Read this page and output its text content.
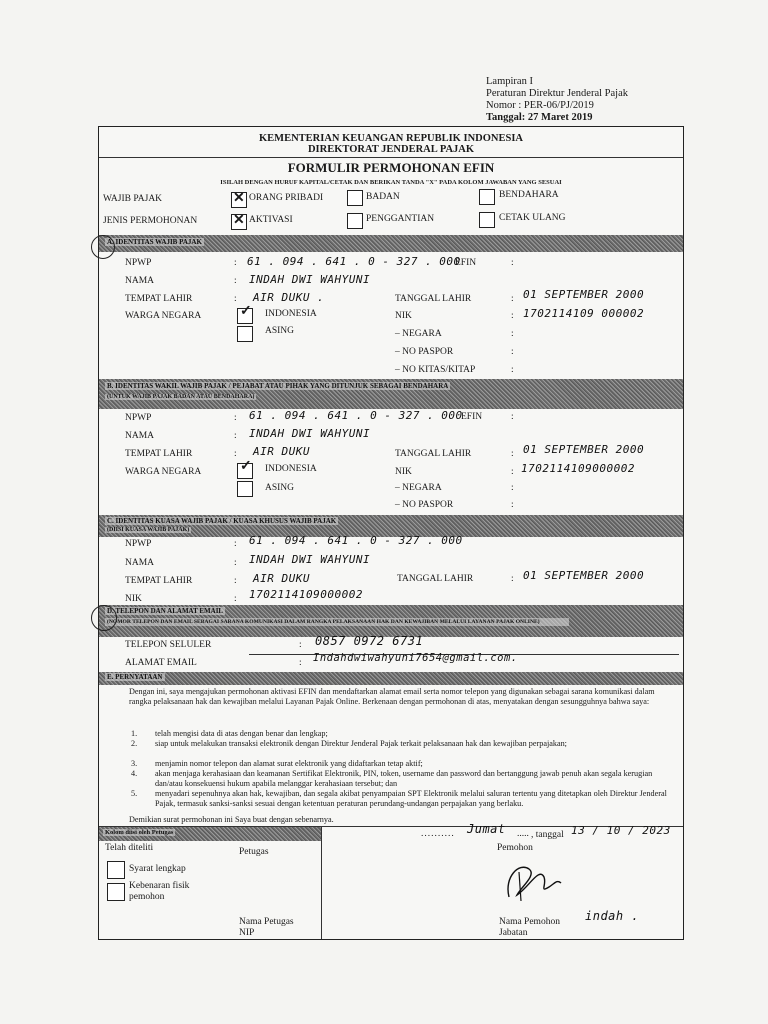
Lampiran I
Peraturan Direktur Jenderal Pajak
Nomor : PER-06/PJ/2019
Tanggal: 27 Maret 2019
KEMENTERIAN KEUANGAN REPUBLIK INDONESIA
DIREKTORAT JENDERAL PAJAK
FORMULIR PERMOHONAN EFIN
ISILAH DENGAN HURUF KAPITAL/CETAK DAN BERIKAN TANDA "X" PADA KOLOM JAWABAN YANG SESUAI
WAJIB PAJAK	✕ ORANG PRIBADI	BADAN	BENDAHARA
JENIS PERMOHONAN	✕ AKTIVASI	PENGGANTIAN	CETAK ULANG
A. IDENTITAS WAJIB PAJAK
NPWP	: 61 . 094 . 641 . 0 - 327 . 000
EFIN	:
NAMA	: INDAH DWI WAHYUNI
TEMPAT LAHIR	: AIR DUKU .	TANGGAL LAHIR	: 01 SEPTEMBER 2000
WARGA NEGARA	✓ INDONESIA	NIK	: 1702114109 000002
ASING	– NEGARA	:
– NO PASPOR	:
– NO KITAS/KITAP	:
B. IDENTITAS WAKIL WAJIB PAJAK / PEJABAT ATAU PIHAK YANG DITUNJUK SEBAGAI BENDAHARA
(UNTUK WAJIB PAJAK BADAN ATAU BENDAHARA)
NPWP	: 61 . 094 . 641 . 0 - 327 . 000
EFIN	:
NAMA	: INDAH DWI WAHYUNI
TEMPAT LAHIR	: AIR DUKU	TANGGAL LAHIR	: 01 SEPTEMBER 2000
WARGA NEGARA	✓ INDONESIA	NIK	: 1702114109000002
ASING	– NEGARA	:
– NO PASPOR	:
C. IDENTITAS KUASA WAJIB PAJAK / KUASA KHUSUS WAJIB PAJAK
(DIISI KUASA WAJIB PAJAK)
NPWP	: 61 . 094 . 641 . 0 - 327 . 000
NAMA	: INDAH DWI WAHYUNI
TEMPAT LAHIR	: AIR DUKU	TANGGAL LAHIR	: 01 SEPTEMBER 2000
NIK	: 1702114109000002
D. TELEPON DAN ALAMAT EMAIL
(NOMOR TELEPON DAN EMAIL SEBAGAI SARANA KOMUNIKASI DALAM RANGKA PELAKSANAAN HAK DAN KEWAJIBAN MELALUI LAYANAN PAJAK ONLINE)
TELEPON SELULER	: 0857 0972 6731
ALAMAT EMAIL	: Indahdwiwahyuni7654@gmail.com.
E. PERNYATAAN
Dengan ini, saya mengajukan permohonan aktivasi EFIN dan mendaftarkan alamat email serta nomor telepon yang digunakan sebagai sarana komunikasi dalam rangka pelaksanaan hak dan kewajiban melalui Layanan Pajak Online. Berkenaan dengan permohonan di atas, menyatakan dengan sesungguhnya bahwa saya:
1. telah mengisi data di atas dengan benar dan lengkap;
2. siap untuk melakukan transaksi elektronik dengan Direktur Jenderal Pajak terkait pelaksanaan hak dan kewajiban perpajakan;
3. menjamin nomor telepon dan alamat surat elektronik yang didaftarkan tetap aktif;
4. akan menjaga kerahasiaan dan keamanan Sertifikat Elektronik, PIN, token, username dan password dan bertanggung jawab penuh akan segala kerugian dan/atau konsekuensi hukum apabila melanggar kerahasiaan tersebut; dan
5. menyadari sepenuhnya akan hak, kewajiban, dan segala akibat penyampaian SPT Elektronik melalui saluran tertentu yang ditetapkan oleh Direktur Jenderal Pajak, termasuk sanksi-sanksi sesuai dengan ketentuan peraturan perundang-undangan perpajakan yang berlaku.
Demikian surat permohonan ini Saya buat dengan sebenarnya.
Kolom diisi oleh Petugas	.......... Jumat ..... , tanggal 13 / 10 / 2023
Telah diteliti	Petugas	Pemohon
Syarat lengkap
Kebenaran fisik
pemohon
Nama Petugas
NIP
Nama Pemohon indah .
Jabatan
